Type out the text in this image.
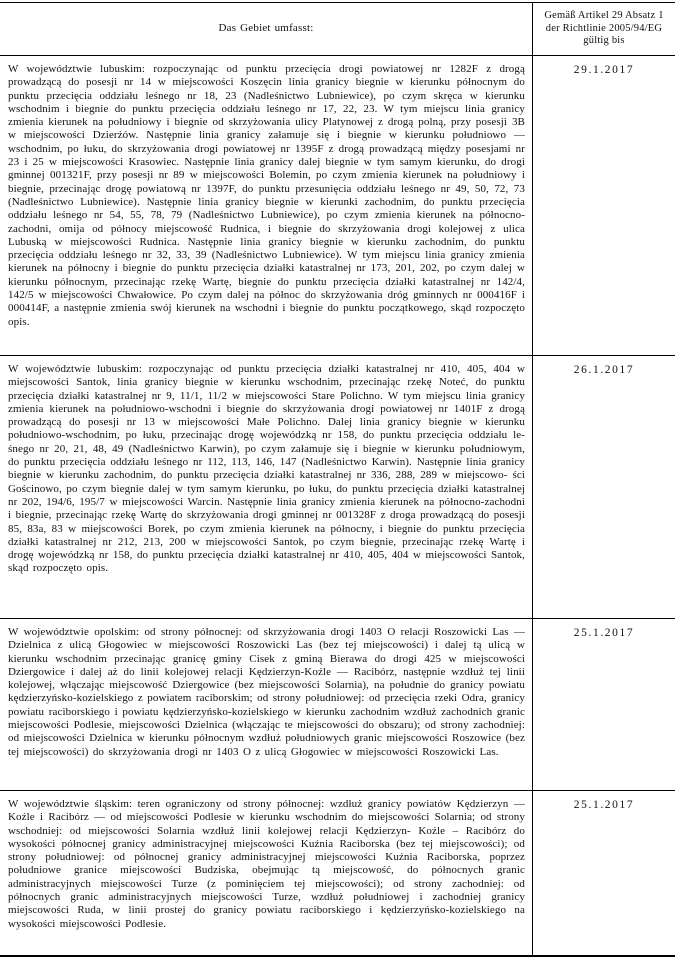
Das Gebiet umfasst:
Gemäß Artikel 29 Absatz 1 der Richtlinie 2005/94/EG gültig bis
W województwie lubuskim: rozpoczynając od punktu przecięcia drogi powiatowej nr 1282F z drogą prowadzącą do posesji nr 14 w miejscowości Koszęcin linia granicy biegnie w kierunku północnym do punktu przecięcia oddziału leśnego nr 18, 23 (Nadleśnictwo Lubniewice), po czym skręca w kierunku wschodnim i biegnie do punktu przecięcia oddziału leśnego nr 17, 22, 23. W tym miejscu linia granicy zmienia kierunek na południowy i biegnie od skrzyżowania ulicy Platynowej z drogą polną, przy posesji 3B w miejscowości Dzierżów. Następnie linia granicy załamuje się i biegnie w kierunku południowo — wschodnim, po łuku, do skrzyżowania drogi powiatowej nr 1395F z drogą prowadzącą między posesjami nr 23 i 25 w miejscowości Krasowiec. Następnie linia granicy dalej biegnie w tym samym kierunku, do drogi gminnej 001321F, przy posesji nr 89 w miejscowości Bolemin, po czym zmienia kierunek na południowy i biegnie, przecinając drogę powiatową nr 1397F, do punktu przesunięcia oddziału leśnego nr 49, 50, 72, 73 (Nadleśnictwo Lubniewice). Następnie linia granicy biegnie w kierunki zachodnim, do punktu przecięcia oddziału leśnego nr 54, 55, 78, 79 (Nadleśnictwo Lubniewice), po czym zmienia kierunek na północno-zachodni, omija od północy miejscowość Rudnica, i biegnie do skrzyżowania drogi kolejowej z ulica Lubuską w miejscowości Rudnica. Następnie linia granicy biegnie w kierunku zachodnim, do punktu przecięcia oddziału leśnego nr 32, 33, 39 (Nadleśnictwo Lubniewice). W tym miejscu linia granicy zmienia kierunek na północny i biegnie do punktu przecięcia działki katastralnej nr 173, 201, 202, po czym dalej w kierunku północnym, przecinając rzekę Wartę, biegnie do punktu przecięcia działki katastralnej nr 142/4, 142/5 w miejscowości Chwałowice. Po czym dalej na północ do skrzyżowania dróg gminnych nr 000416F i 000414F, a następnie zmienia swój kierunek na wschodni i biegnie do punktu początkowego, skąd rozpoczęto opis.
29.1.2017
W województwie lubuskim: rozpoczynając od punktu przecięcia działki katastralnej nr 410, 405, 404 w miejscowości Santok, linia granicy biegnie w kierunku wschodnim, przecinając rzekę Noteć, do punktu przecięcia działki katastralnej nr 9, 11/1, 11/2 w miejscowości Stare Polichno. W tym miejscu linia granicy zmienia kierunek na południowo-wschodni i biegnie do skrzyżowania drogi powiatowej nr 1401F z drogą prowadzącą do posesji nr 13 w miejscowości Małe Polichno. Dalej linia granicy biegnie w kierunku południowo-wschodnim, po łuku, przecinając drogę wojewódzką nr 158, do punktu przecięcia oddziału le- śnego nr 20, 21, 48, 49 (Nadleśnictwo Karwin), po czym załamuje się i biegnie w kierunku południowym, do punktu przecięcia oddziału leśnego nr 112, 113, 146, 147 (Nadleśnictwo Karwin). Następnie linia granicy biegnie w kierunku zachodnim, do punktu przecięcia działki katastralnej nr 336, 288, 289 w miejscowo- ści Gościnowo, po czym biegnie dalej w tym samym kierunku, po łuku, do punktu przecięcia działki katastralnej nr 202, 194/6, 195/7 w miejscowości Warcin. Następnie linia granicy zmienia kierunek na północno-zachodni i biegnie, przecinając rzekę Wartę do skrzyżowania drogi gminnej nr 001328F z droga prowadzącą do posesji 85, 83a, 83 w miejscowości Borek, po czym zmienia kierunek na północny, i biegnie do punktu przecięcia działki katastralnej nr 212, 213, 200 w miejscowości Santok, po czym biegnie, przecinając rzekę Wartę i drogę wojewódzką nr 158, do punktu przecięcia działki katastralnej nr 410, 405, 404 w miejscowości Santok, skąd rozpoczęto opis.
26.1.2017
W województwie opolskim: od strony północnej: od skrzyżowania drogi 1403 O relacji Roszowicki Las — Dzielnica z ulicą Głogowiec w miejscowości Roszowicki Las (bez tej miejscowości) i dalej tą ulicą w kierunku wschodnim przecinając granicę gminy Cisek z gminą Bierawa do drogi 425 w miejscowości Dziergowice i dalej aż do linii kolejowej relacji Kędzierzyn-Koźle — Racibórz, następnie wzdłuż tej linii kolejowej, włączając miejscowość Dziergowice (bez miejscowości Solarnia), na południe do granicy powiatu kędzierzyńsko-kozielskiego z powiatem raciborskim; od strony południowej: od przecięcia rzeki Odra, granicy powiatu raciborskiego i powiatu kędzierzyńsko-kozielskiego w kierunku zachodnim wzdłuż zachodnich granic miejscowości Podlesie, miejscowości Dzielnica (włączając te miejscowości do obszaru); od strony zachodniej: od miejscowości Dzielnica w kierunku północnym wzdłuż południowych granic miejscowości Roszowice (bez tej miejscowości) do skrzyżowania drogi nr 1403 O z ulicą Głogowiec w miejscowości Roszowicki Las.
25.1.2017
W województwie śląskim: teren ograniczony od strony północnej: wzdłuż granicy powiatów Kędzierzyn — Koźle i Racibórz — od miejscowości Podlesie w kierunku wschodnim do miejscowości Solarnia; od strony wschodniej: od miejscowości Solarnia wzdłuż linii kolejowej relacji Kędzierzyn- Koźle – Racibórz do wysokości północnej granicy administracyjnej miejscowości Kuźnia Raciborska (bez tej miejscowości); od strony południowej: od północnej granicy administracyjnej miejscowości Kuźnia Raciborska, poprzez południowe granice miejscowości Budziska, obejmując tą miejscowość, do północnych granic administracyjnych miejscowości Turze (z pominięciem tej miejscowości); od strony zachodniej: od północnych granic administracyjnych miejscowości Turze, wzdłuż południowej i zachodniej granicy miejscowości Ruda, w linii prostej do granicy powiatu raciborskiego i kędzierzyńsko-kozielskiego na wysokości miejscowości Podlesie.
25.1.2017
